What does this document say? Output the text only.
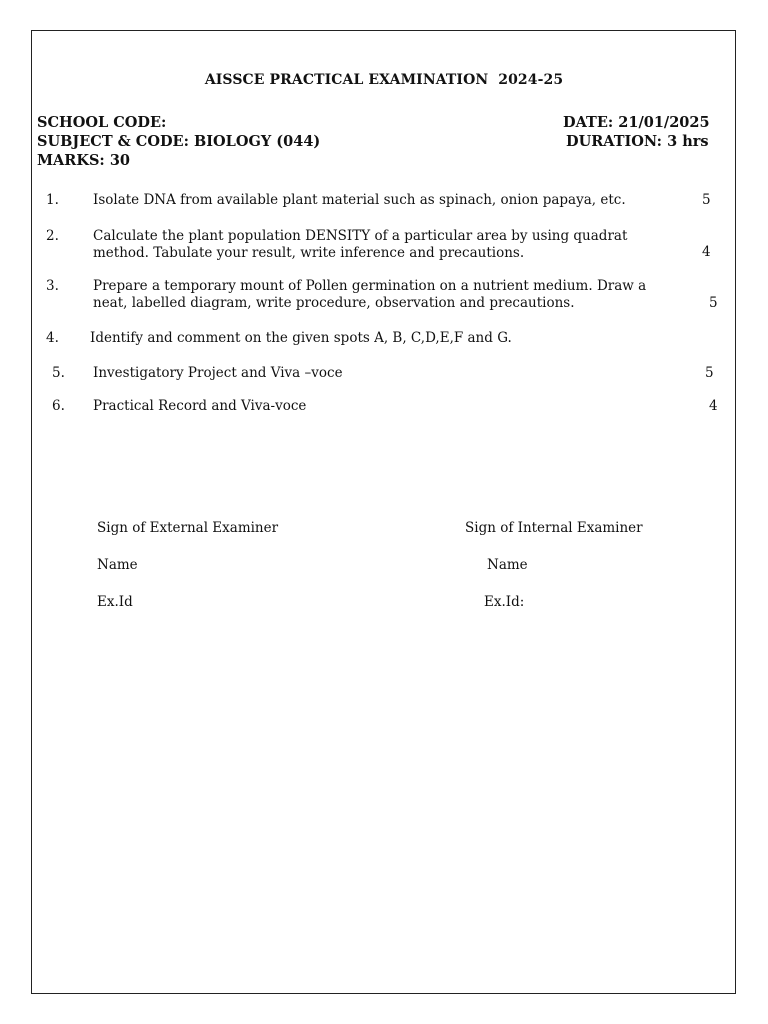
AISSCE PRACTICAL EXAMINATION  2024-25
SCHOOL CODE:	DATE: 21/01/2025
SUBJECT & CODE: BIOLOGY (044)	DURATION: 3 hrs
MARKS: 30
1.	Isolate DNA from available plant material such as spinach, onion papaya, etc.	5
2.	Calculate the plant population DENSITY of a particular area by using quadrat
method. Tabulate your result, write inference and precautions.	4
3.	Prepare a temporary mount of Pollen germination on a nutrient medium. Draw a
neat, labelled diagram, write procedure, observation and precautions.	5
4. Identify and comment on the given spots A, B, C,D,E,F and G.
5. Investigatory Project and Viva –voce	5
6. Practical Record and Viva-voce	4
Sign of External Examiner	Sign of Internal Examiner
Name	Name
Ex.Id	Ex.Id:
